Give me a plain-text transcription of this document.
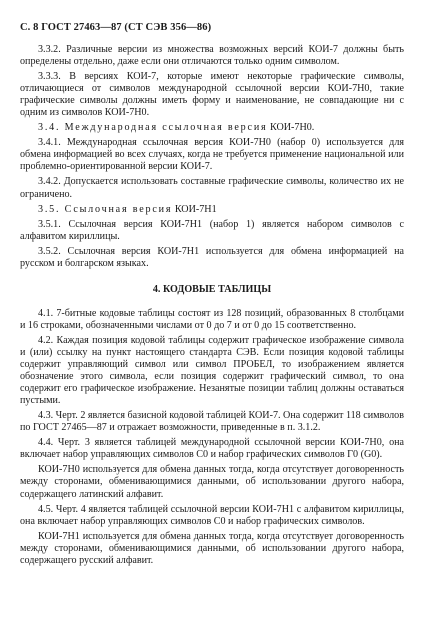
С. 8 ГОСТ 27463—87 (СТ СЭВ 356—86)

3.3.2. Различные версии из множества возможных версий КОИ-7 должны быть определены отдельно, даже если они отличаются только одним символом.

3.3.3. В версиях КОИ-7, которые имеют некоторые графические символы, отличающиеся от символов международной ссылочной версии КОИ-7Н0, такие графические символы должны иметь форму и наименование, не совпадающие ни с одним из символов КОИ-7Н0.

3.4. Международная ссылочная версия КОИ-7Н0.

3.4.1. Международная ссылочная версия КОИ-7Н0 (набор 0) используется для обмена информацией во всех случаях, когда не требуется применение национальной или проблемно-ориентированной версии КОИ-7.

3.4.2. Допускается использовать составные графические символы, количество их не ограничено.

3.5. Ссылочная версия КОИ-7Н1

3.5.1. Ссылочная версия КОИ-7Н1 (набор 1) является набором символов с алфавитом кириллицы.

3.5.2. Ссылочная версия КОИ-7Н1 используется для обмена информацией на русском и болгарском языках.

4. КОДОВЫЕ ТАБЛИЦЫ

4.1. 7-битные кодовые таблицы состоят из 128 позиций, образованных 8 столбцами и 16 строками, обозначенными числами от 0 до 7 и от 0 до 15 соответственно.

4.2. Каждая позиция кодовой таблицы содержит графическое изображение символа и (или) ссылку на пункт настоящего стандарта СЭВ. Если позиция кодовой таблицы содержит управляющий символ или символ ПРОБЕЛ, то изображением является обозначение этого символа, если позиция содержит графический символ, то она содержит его графическое изображение. Незанятые позиции таблиц должны оставаться пустыми.

4.3. Черт. 2 является базисной кодовой таблицей КОИ-7. Она содержит 118 символов по ГОСТ 27465—87 и отражает возможности, приведенные в п. 3.1.2.

4.4. Черт. 3 является таблицей международной ссылочной версии КОИ-7Н0, она включает набор управляющих символов C0 и набор графических символов Г0 (G0).

КОИ-7Н0 используется для обмена данных тогда, когда отсутствует договоренность между сторонами, обменивающимися данными, об использовании другого набора, содержащего латинский алфавит.

4.5. Черт. 4 является таблицей ссылочной версии КОИ-7Н1 с алфавитом кириллицы, она включает набор управляющих символов C0 и набор графических символов.

КОИ-7Н1 используется для обмена данных тогда, когда отсутствует договоренность между сторонами, обменивающимися данными, об использовании другого набора, содержащего русский алфавит.
